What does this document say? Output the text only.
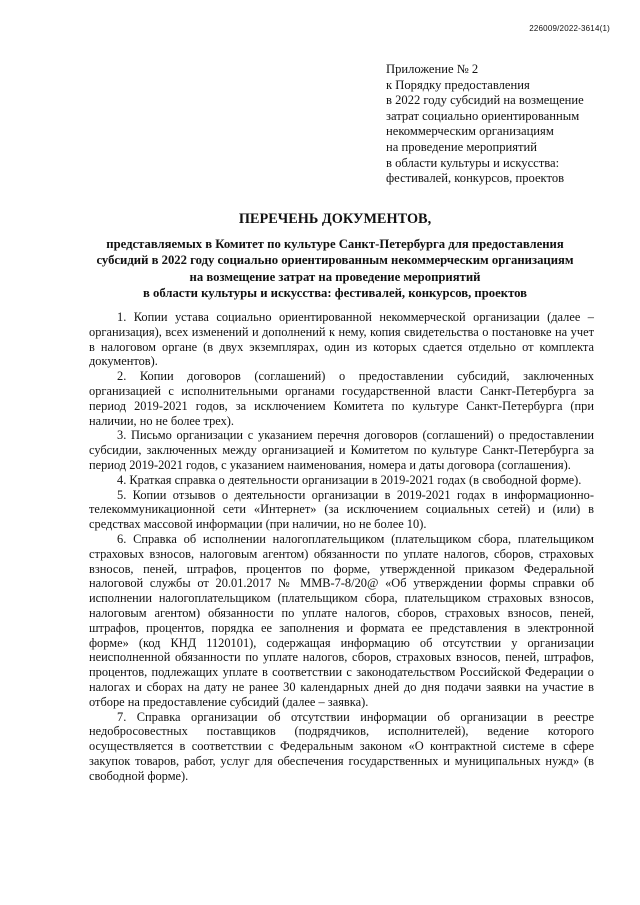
226009/2022-3614(1)
Приложение № 2
к Порядку предоставления
в 2022 году субсидий на возмещение
затрат социально ориентированным
некоммерческим организациям
на проведение мероприятий
в области культуры и искусства:
фестивалей, конкурсов, проектов
ПЕРЕЧЕНЬ ДОКУМЕНТОВ,
представляемых в Комитет по культуре Санкт-Петербурга для предоставления
субсидий в 2022 году социально ориентированным некоммерческим организациям
на возмещение затрат на проведение мероприятий
в области культуры и искусства: фестивалей, конкурсов, проектов

1. Копии устава социально ориентированной некоммерческой организации (далее – организация), всех изменений и дополнений к нему, копия свидетельства о постановке на учет в налоговом органе (в двух экземплярах, один из которых сдается отдельно от комплекта документов).

2. Копии договоров (соглашений) о предоставлении субсидий, заключенных организацией с исполнительными органами государственной власти Санкт-Петербурга за период 2019-2021 годов, за исключением Комитета по культуре Санкт-Петербурга (при наличии, но не более трех).

3. Письмо организации с указанием перечня договоров (соглашений) о предоставлении субсидии, заключенных между организацией и Комитетом по культуре Санкт-Петербурга за период 2019-2021 годов, с указанием наименования, номера и даты договора (соглашения).

4. Краткая справка о деятельности организации в 2019-2021 годах (в свободной форме).

5. Копии отзывов о деятельности организации в 2019-2021 годах в информационно-телекоммуникационной сети «Интернет» (за исключением социальных сетей) и (или) в средствах массовой информации (при наличии, но не более 10).

6. Справка об исполнении налогоплательщиком (плательщиком сбора, плательщиком страховых взносов, налоговым агентом) обязанности по уплате налогов, сборов, страховых взносов, пеней, штрафов, процентов по форме, утвержденной приказом Федеральной налоговой службы от 20.01.2017 № ММВ-7-8/20@ «Об утверждении формы справки об исполнении налогоплательщиком (плательщиком сбора, плательщиком страховых взносов, налоговым агентом) обязанности по уплате налогов, сборов, страховых взносов, пеней, штрафов, процентов, порядка ее заполнения и формата ее представления в электронной форме» (код КНД 1120101), содержащая информацию об отсутствии у организации неисполненной обязанности по уплате налогов, сборов, страховых взносов, пеней, штрафов, процентов, подлежащих уплате в соответствии с законодательством Российской Федерации о налогах и сборах на дату не ранее 30 календарных дней до дня подачи заявки на участие в отборе на предоставление субсидий (далее – заявка).

7. Справка организации об отсутствии информации об организации в реестре недобросовестных поставщиков (подрядчиков, исполнителей), ведение которого осуществляется в соответствии с Федеральным законом «О контрактной системе в сфере закупок товаров, работ, услуг для обеспечения государственных и муниципальных нужд» (в свободной форме).
